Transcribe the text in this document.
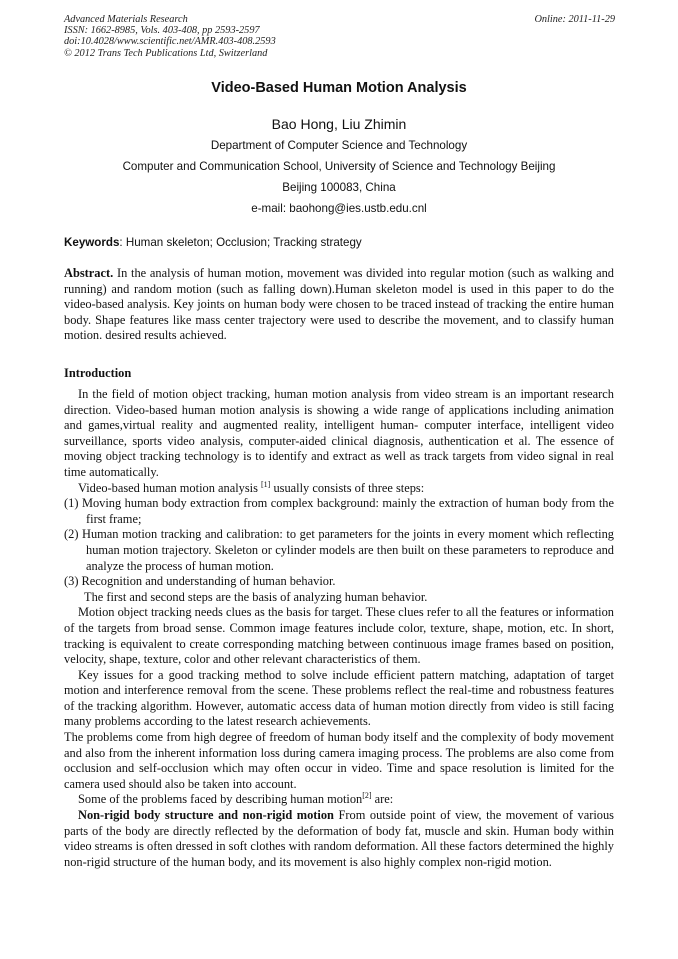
Advanced Materials Research
ISSN: 1662-8985, Vols. 403-408, pp 2593-2597
doi:10.4028/www.scientific.net/AMR.403-408.2593
© 2012 Trans Tech Publications Ltd, Switzerland
Online: 2011-11-29
Video-Based Human Motion Analysis
Bao Hong, Liu Zhimin
Department of Computer Science and Technology
Computer and Communication School, University of Science and Technology Beijing
Beijing 100083, China
e-mail: baohong@ies.ustb.edu.cnl
Keywords: Human skeleton; Occlusion; Tracking strategy
Abstract. In the analysis of human motion, movement was divided into regular motion (such as walking and running) and random motion (such as falling down).Human skeleton model is used in this paper to do the video-based analysis. Key joints on human body were chosen to be traced instead of tracking the entire human body. Shape features like mass center trajectory were used to describe the movement, and to classify human motion. desired results achieved.
Introduction

In the field of motion object tracking, human motion analysis from video stream is an important research direction. Video-based human motion analysis is showing a wide range of applications including animation and games,virtual reality and augmented reality, intelligent human- computer interface, intelligent video surveillance, sports video analysis, computer-aided clinical diagnosis, authentication et al. The essence of moving object tracking technology is to identify and extract as well as track targets from video signal in real time automatically.

Video-based human motion analysis [1] usually consists of three steps:

(1) Moving human body extraction from complex background: mainly the extraction of human body from the first frame;

(2) Human motion tracking and calibration: to get parameters for the joints in every moment which reflecting human motion trajectory. Skeleton or cylinder models are then built on these parameters to reproduce and analyze the process of human motion.

(3) Recognition and understanding of human behavior.

The first and second steps are the basis of analyzing human behavior.

Motion object tracking needs clues as the basis for target. These clues refer to all the features or information of the targets from broad sense. Common image features include color, texture, shape, motion, etc. In short, tracking is equivalent to create corresponding matching between continuous image frames based on position, velocity, shape, texture, color and other relevant characteristics of them.

Key issues for a good tracking method to solve include efficient pattern matching, adaptation of target motion and interference removal from the scene. These problems reflect the real-time and robustness features of the tracking algorithm. However, automatic access data of human motion directly from video is still facing many problems according to the latest research achievements.

The problems come from high degree of freedom of human body itself and the complexity of body movement and also from the inherent information loss during camera imaging process. The problems are also come from occlusion and self-occlusion which may often occur in video. Time and space resolution is limited for the camera used should also be taken into account.

Some of the problems faced by describing human motion[2] are:

Non-rigid body structure and non-rigid motion From outside point of view, the movement of various parts of the body are directly reflected by the deformation of body fat, muscle and skin. Human body within video streams is often dressed in soft clothes with random deformation. All these factors determined the highly non-rigid structure of the human body, and its movement is also highly complex non-rigid motion.
